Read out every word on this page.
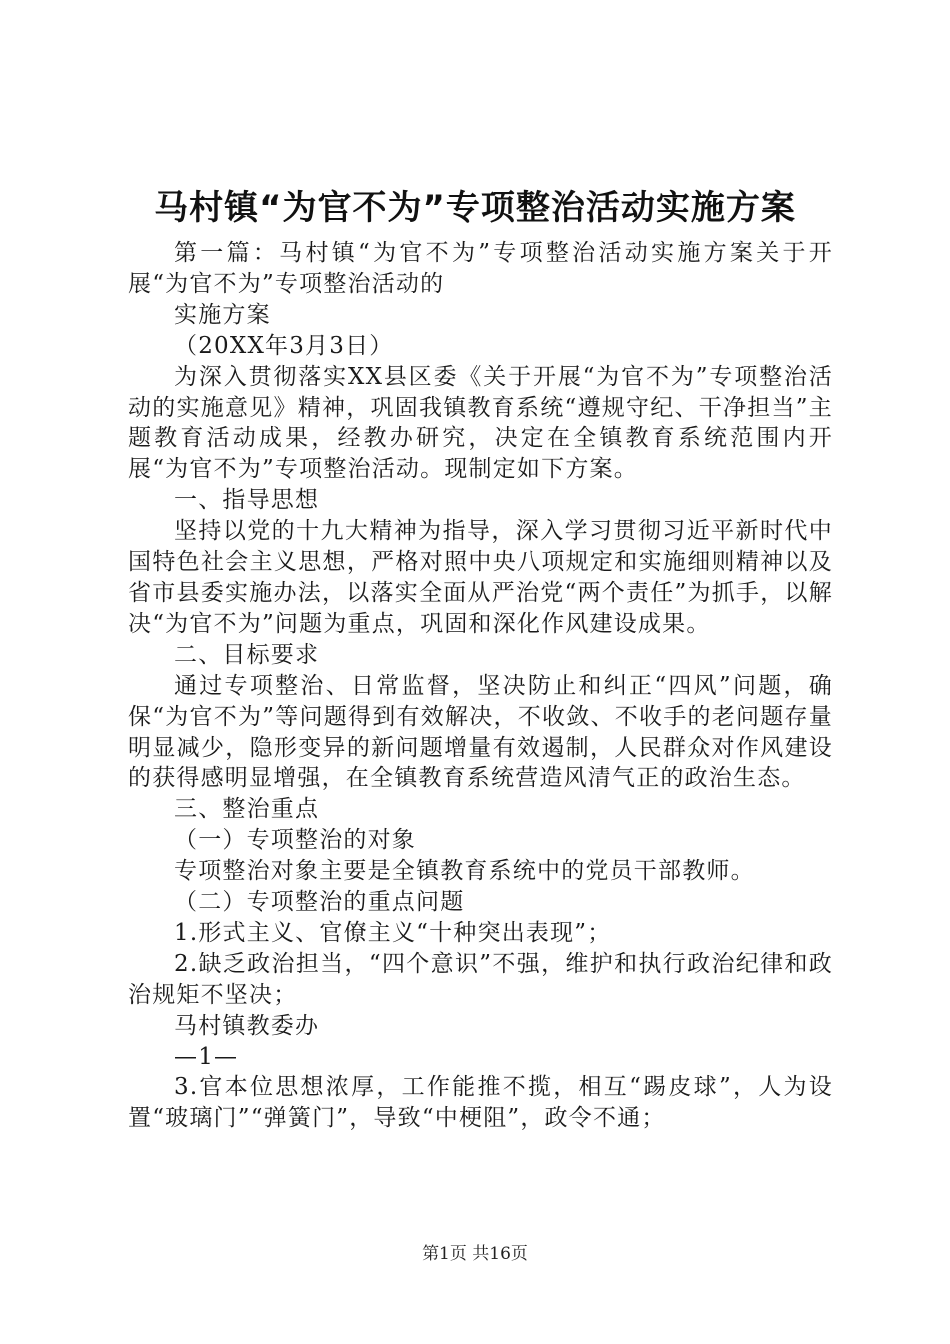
马村镇“为官不为”专项整治活动实施方案

第一篇：马村镇“为官不为”专项整治活动实施方案关于开展“为官不为”专项整治活动的

实施方案

（20XX年3月3日）

为深入贯彻落实XX县区委《关于开展“为官不为”专项整治活动的实施意见》精神，巩固我镇教育系统“遵规守纪、干净担当”主题教育活动成果，经教办研究，决定在全镇教育系统范围内开展“为官不为”专项整治活动。现制定如下方案。

一、指导思想

坚持以党的十九大精神为指导，深入学习贯彻习近平新时代中国特色社会主义思想，严格对照中央八项规定和实施细则精神以及省市县委实施办法，以落实全面从严治党“两个责任”为抓手，以解决“为官不为”问题为重点，巩固和深化作风建设成果。

二、目标要求

通过专项整治、日常监督，坚决防止和纠正“四风”问题，确保“为官不为”等问题得到有效解决，不收敛、不收手的老问题存量明显减少，隐形变异的新问题增量有效遏制，人民群众对作风建设的获得感明显增强，在全镇教育系统营造风清气正的政治生态。

三、整治重点

（一）专项整治的对象

专项整治对象主要是全镇教育系统中的党员干部教师。

（二）专项整治的重点问题

1.形式主义、官僚主义“十种突出表现”；

2.缺乏政治担当，“四个意识”不强，维护和执行政治纪律和政治规矩不坚决；

马村镇教委办

—1—

3.官本位思想浓厚，工作能推不揽，相互“踢皮球”，人为设置“玻璃门”“弹簧门”，导致“中梗阻”，政令不通；

第1页 共16页
